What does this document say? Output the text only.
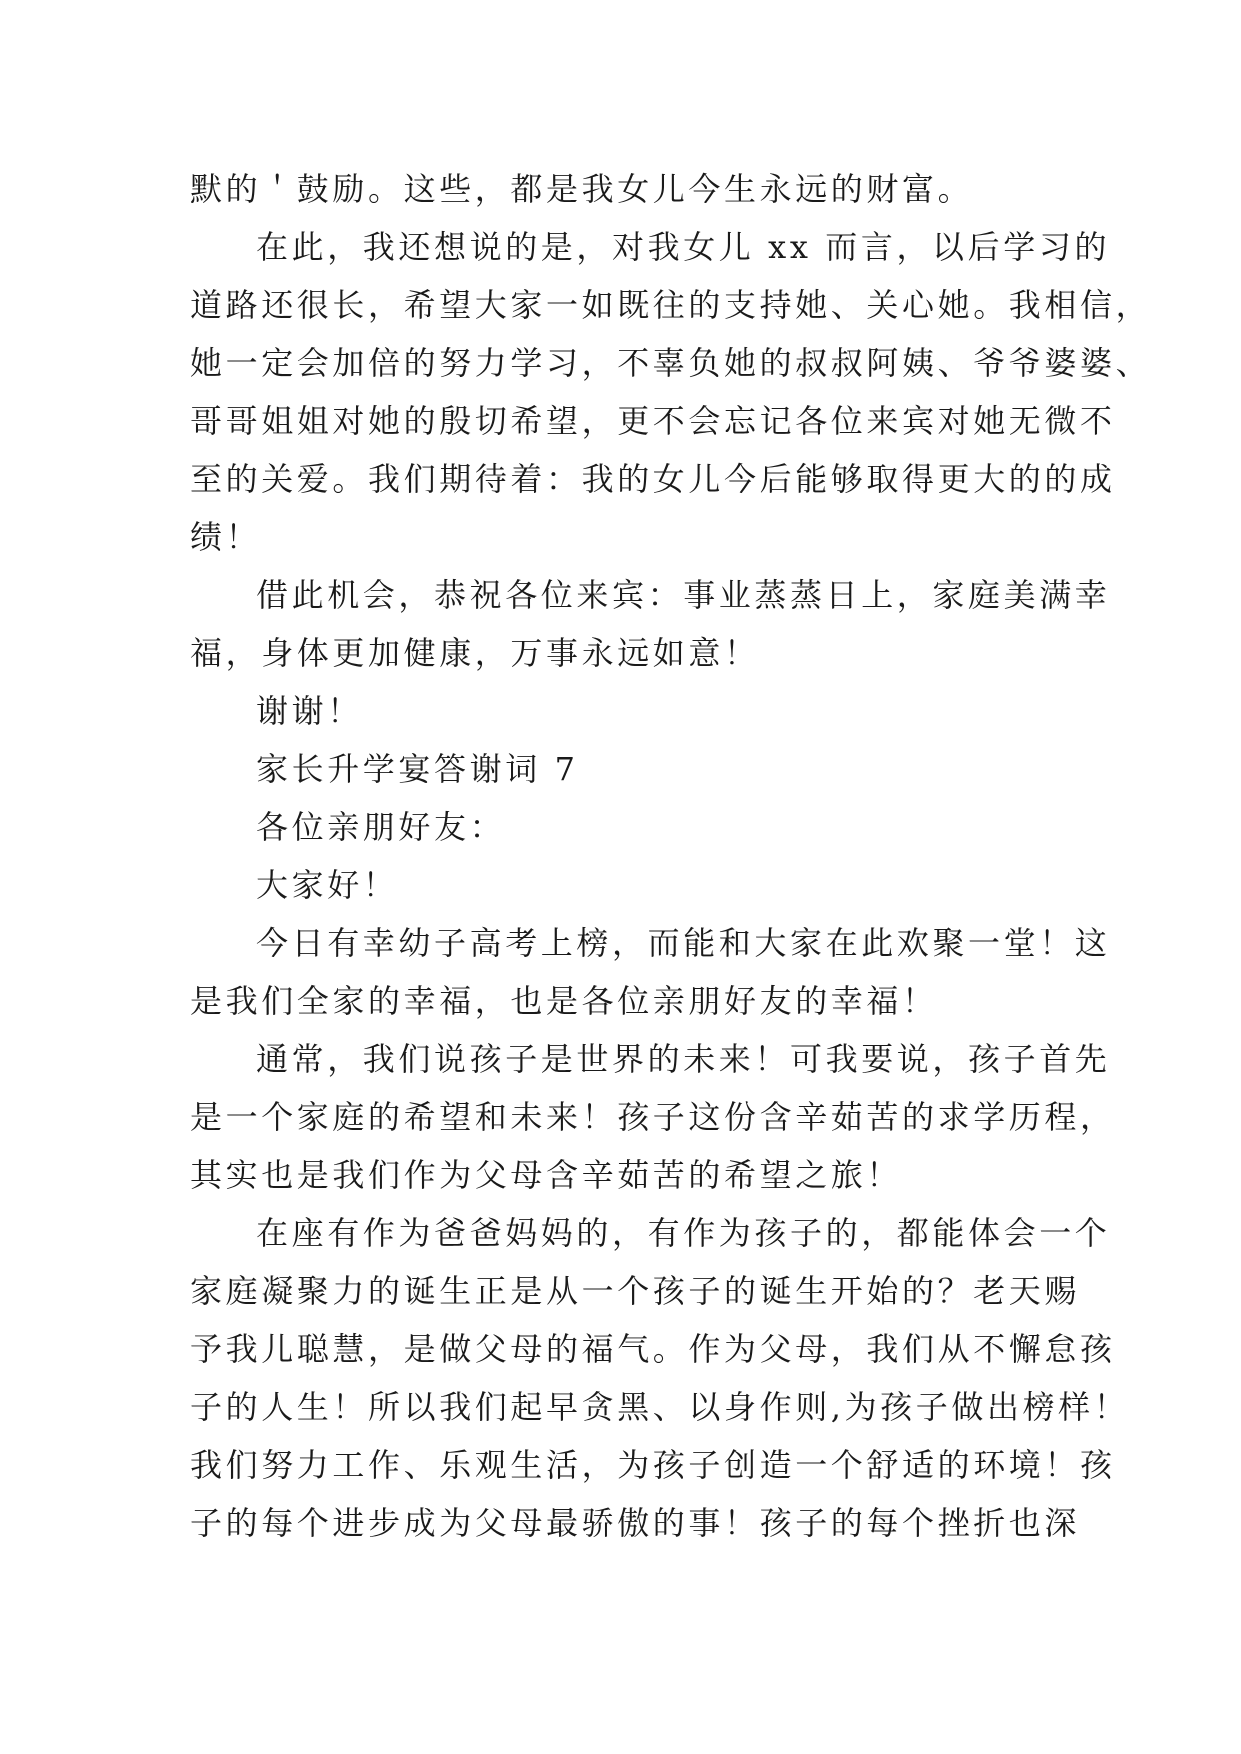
默的＇鼓励。这些，都是我女儿今生永远的财富。
在此，我还想说的是，对我女儿 xx 而言，以后学习的
道路还很长，希望大家一如既往的支持她、关心她。我相信，
她一定会加倍的努力学习，不辜负她的叔叔阿姨、爷爷婆婆、
哥哥姐姐对她的殷切希望，更不会忘记各位来宾对她无微不
至的关爱。我们期待着：我的女儿今后能够取得更大的的成
绩！
借此机会，恭祝各位来宾：事业蒸蒸日上，家庭美满幸
福，身体更加健康，万事永远如意！
谢谢！
家长升学宴答谢词 7
各位亲朋好友：
大家好！
今日有幸幼子高考上榜，而能和大家在此欢聚一堂！这
是我们全家的幸福，也是各位亲朋好友的幸福！
通常，我们说孩子是世界的未来！可我要说，孩子首先
是一个家庭的希望和未来！孩子这份含辛茹苦的求学历程，
其实也是我们作为父母含辛茹苦的希望之旅！
在座有作为爸爸妈妈的，有作为孩子的，都能体会一个
家庭凝聚力的诞生正是从一个孩子的诞生开始的？老天赐
予我儿聪慧，是做父母的福气。作为父母，我们从不懈怠孩
子的人生！所以我们起早贪黑、以身作则,为孩子做出榜样！
我们努力工作、乐观生活，为孩子创造一个舒适的环境！孩
子的每个进步成为父母最骄傲的事！孩子的每个挫折也深
